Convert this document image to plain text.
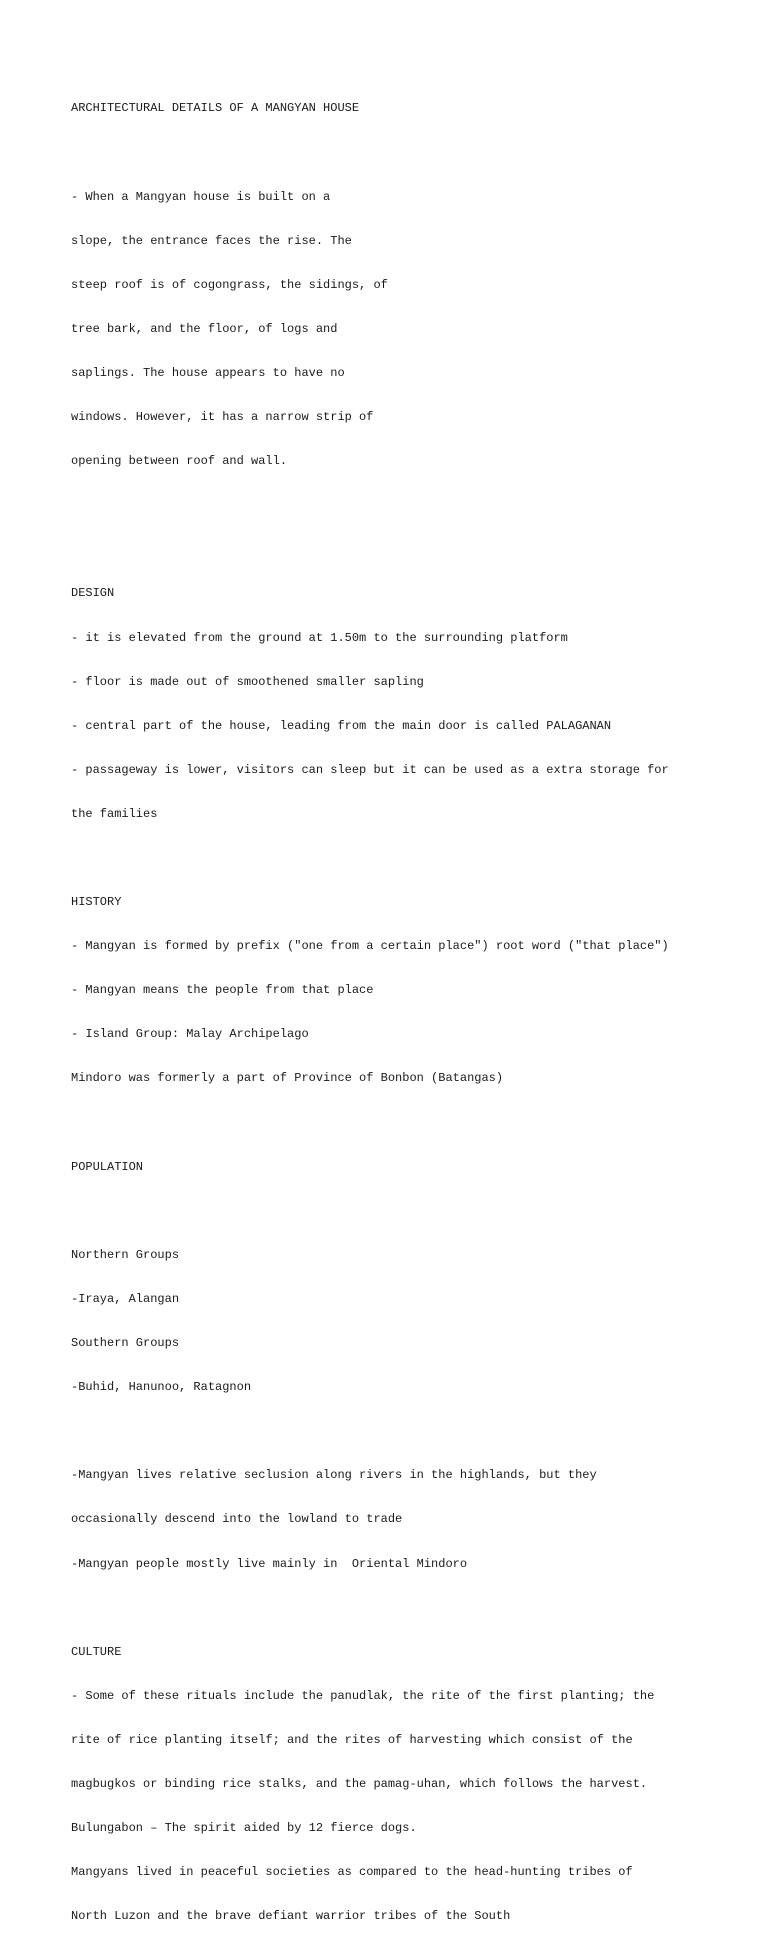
ARCHITECTURAL DETAILS OF A MANGYAN HOUSE

- When a Mangyan house is built on a

slope, the entrance faces the rise. The

steep roof is of cogongrass, the sidings, of

tree bark, and the floor, of logs and

saplings. The house appears to have no

windows. However, it has a narrow strip of

opening between roof and wall.

DESIGN

- it is elevated from the ground at 1.50m to the surrounding platform

- floor is made out of smoothened smaller sapling

- central part of the house, leading from the main door is called PALAGANAN

- passageway is lower, visitors can sleep but it can be used as a extra storage for

the families

HISTORY

- Mangyan is formed by prefix ("one from a certain place") root word ("that place")

- Mangyan means the people from that place

- Island Group: Malay Archipelago

Mindoro was formerly a part of Province of Bonbon (Batangas)

POPULATION

Northern Groups

-Iraya, Alangan

Southern Groups

-Buhid, Hanunoo, Ratagnon

-Mangyan lives relative seclusion along rivers in the highlands, but they

occasionally descend into the lowland to trade

-Mangyan people mostly live mainly in  Oriental Mindoro

CULTURE

- Some of these rituals include the panudlak, the rite of the first planting; the

rite of rice planting itself; and the rites of harvesting which consist of the

magbugkos or binding rice stalks, and the pamag-uhan, which follows the harvest.

Bulungabon – The spirit aided by 12 fierce dogs.

Mangyans lived in peaceful societies as compared to the head-hunting tribes of

North Luzon and the brave defiant warrior tribes of the South
